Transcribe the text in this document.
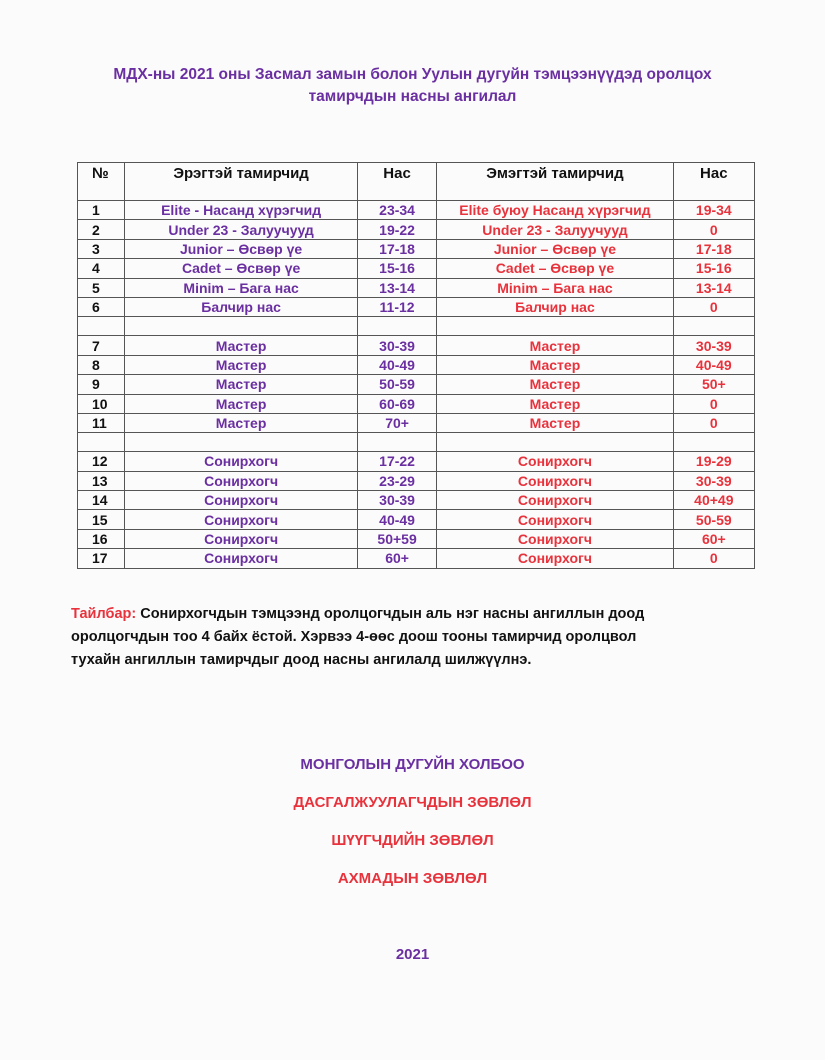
МДХ-ны 2021 оны Засмал замын болон Уулын дугуйн тэмцээнүүдэд оролцох
тамирчдын насны ангилал
№	Эрэгтэй тамирчид	Нас	Эмэгтэй тамирчид	Нас
1	Elite - Насанд хүрэгчид	23-34	Elite буюу Насанд хүрэгчид	19-34
2	Under 23 - Залуучууд	19-22	Under 23 - Залуучууд	0
3	Junior – Өсвөр үе	17-18	Junior – Өсвөр үе	17-18
4	Cadet – Өсвөр үе	15-16	Cadet – Өсвөр үе	15-16
5	Minim – Бага нас	13-14	Minim – Бага нас	13-14
6	Балчир нас	11-12	Балчир нас	0

7	Мастер	30-39	Мастер	30-39
8	Мастер	40-49	Мастер	40-49
9	Мастер	50-59	Мастер	50+
10	Мастер	60-69	Мастер	0
11	Мастер	70+	Мастер	0

12	Сонирхогч	17-22	Сонирхогч	19-29
13	Сонирхогч	23-29	Сонирхогч	30-39
14	Сонирхогч	30-39	Сонирхогч	40+49
15	Сонирхогч	40-49	Сонирхогч	50-59
16	Сонирхогч	50+59	Сонирхогч	60+
17	Сонирхогч	60+	Сонирхогч	0
Тайлбар: Сонирхогчдын тэмцээнд оролцогчдын аль нэг насны ангиллын доод
оролцогчдын тоо 4 байх ёстой. Хэрвээ 4-өөс доош тооны тамирчид оролцвол
тухайн ангиллын тамирчдыг доод насны ангилалд шилжүүлнэ.
МОНГОЛЫН ДУГУЙН ХОЛБОО
ДАСГАЛЖУУЛАГЧДЫН ЗӨВЛӨЛ
ШҮҮГЧДИЙН ЗӨВЛӨЛ
АХМАДЫН ЗӨВЛӨЛ
2021
